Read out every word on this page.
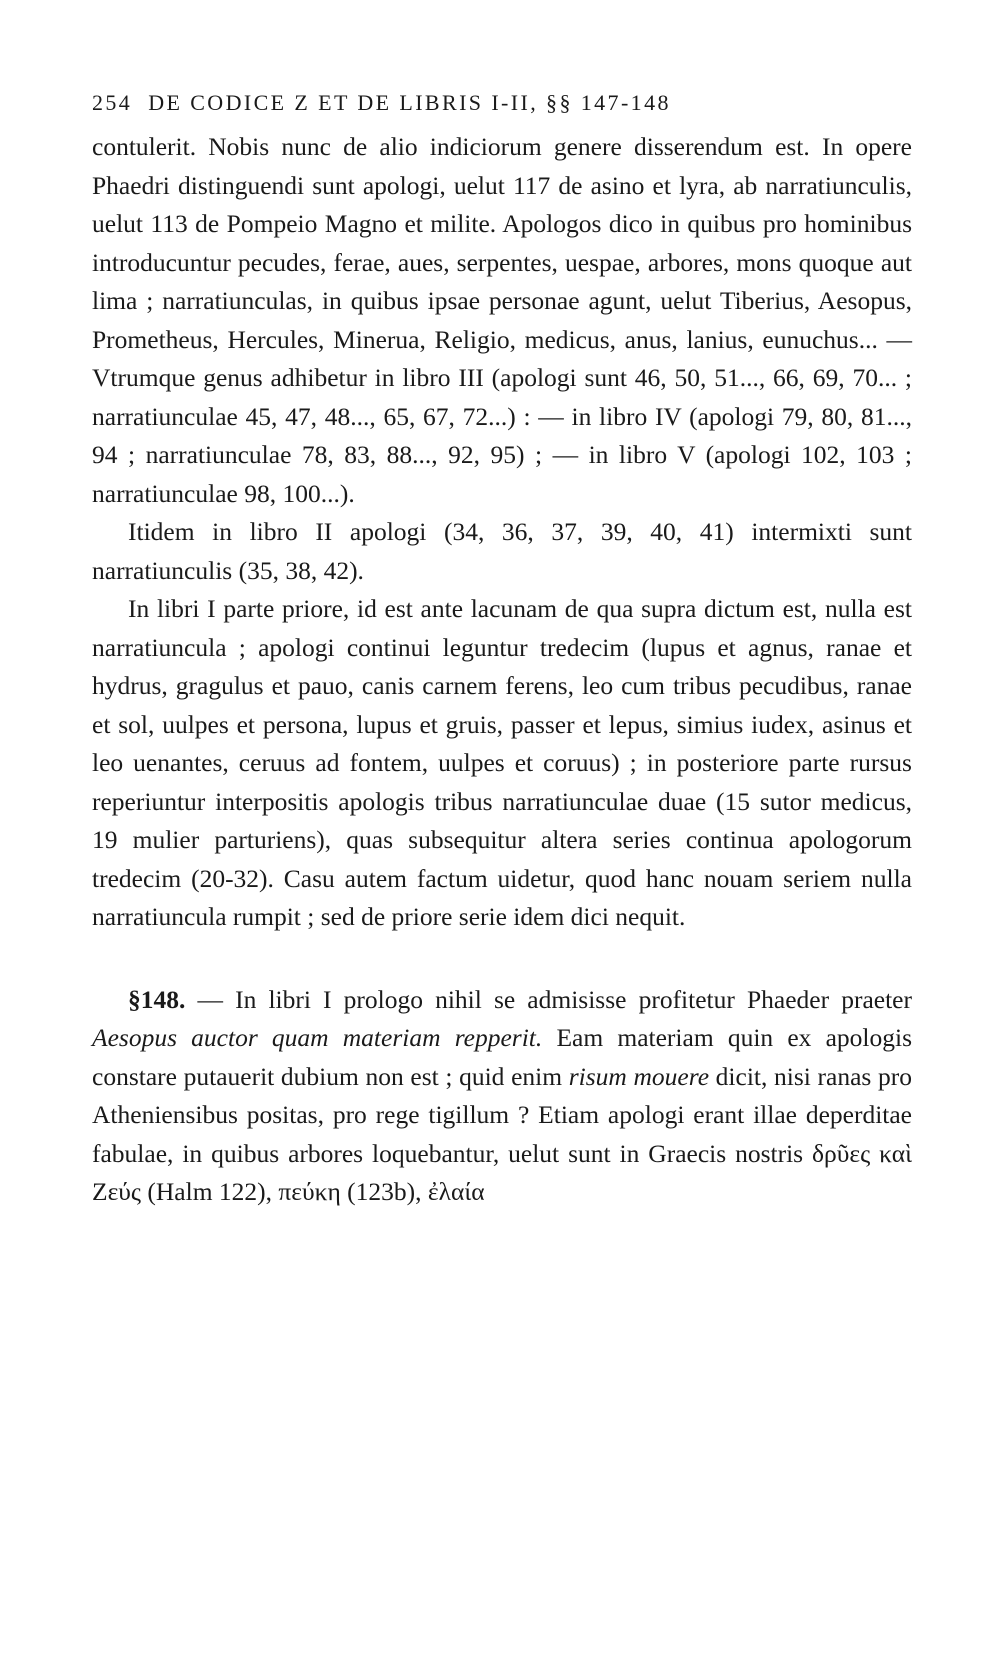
254 DE CODICE Z ET DE LIBRIS I-II, §§ 147-148

contulerit. Nobis nunc de alio indiciorum genere disserendum est. In opere Phaedri distinguendi sunt apologi, uelut 117 de asino et lyra, ab narratiunculis, uelut 113 de Pompeio Magno et milite. Apologos dico in quibus pro hominibus introducuntur pecudes, ferae, aues, serpentes, uespae, arbores, mons quoque aut lima ; narratiunculas, in quibus ipsae personae agunt, uelut Tiberius, Aesopus, Prometheus, Hercules, Minerua, Religio, medicus, anus, lanius, eunuchus... — Vtrumque genus adhibetur in libro III (apologi sunt 46, 50, 51..., 66, 69, 70... ; narratiunculae 45, 47, 48..., 65, 67, 72...) : — in libro IV (apologi 79, 80, 81..., 94 ; narratiunculae 78, 83, 88..., 92, 95) ; — in libro V (apologi 102, 103 ; narratiunculae 98, 100...).

Itidem in libro II apologi (34, 36, 37, 39, 40, 41) intermixti sunt narratiunculis (35, 38, 42).

In libri I parte priore, id est ante lacunam de qua supra dictum est, nulla est narratiuncula ; apologi continui leguntur tredecim (lupus et agnus, ranae et hydrus, gragulus et pauo, canis carnem ferens, leo cum tribus pecudibus, ranae et sol, uulpes et persona, lupus et gruis, passer et lepus, simius iudex, asinus et leo uenantes, ceruus ad fontem, uulpes et coruus) ; in posteriore parte rursus reperiuntur interpositis apologis tribus narratiunculae duae (15 sutor medicus, 19 mulier parturiens), quas subsequitur altera series continua apologorum tredecim (20-32). Casu autem factum uidetur, quod hanc nouam seriem nulla narratiuncula rumpit ; sed de priore serie idem dici nequit.

§148. — In libri I prologo nihil se admisisse profitetur Phaeder praeter Aesopus auctor quam materiam repperit. Eam materiam quin ex apologis constare putauerit dubium non est ; quid enim risum mouere dicit, nisi ranas pro Atheniensibus positas, pro rege tigillum ? Etiam apologi erant illae deperditae fabulae, in quibus arbores loquebantur, uelut sunt in Graecis nostris δρῦες καὶ Ζεύς (Halm 122), πεύκη (123b), ἐλαία
